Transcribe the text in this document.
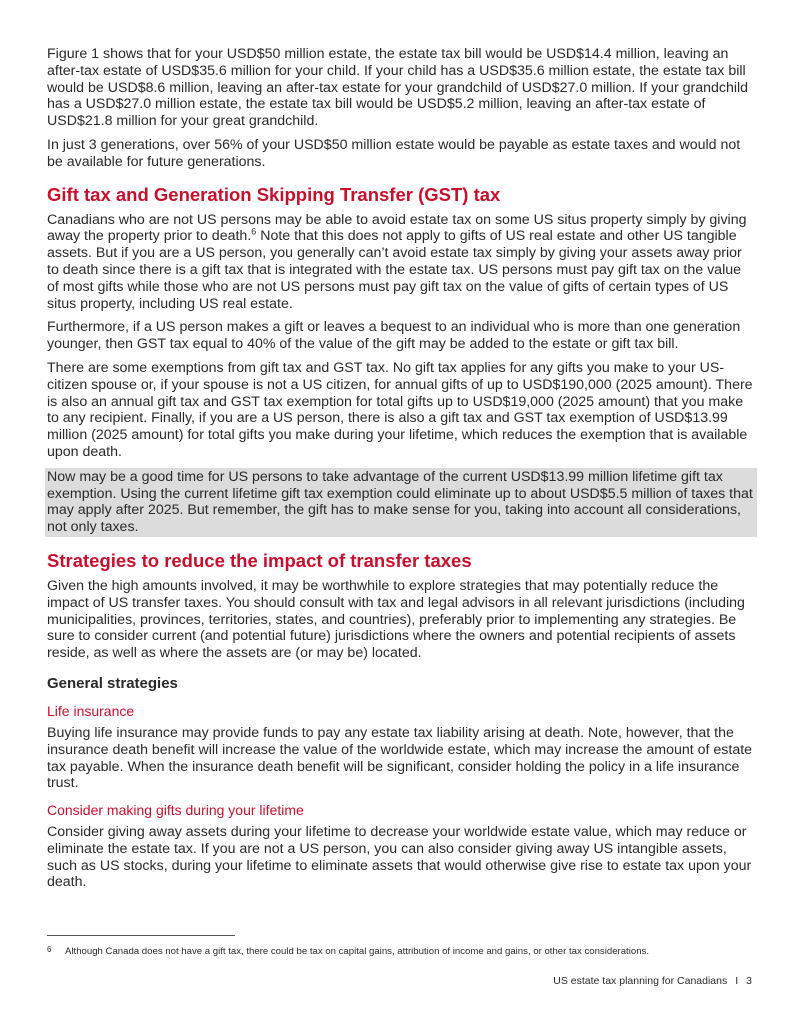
Figure 1 shows that for your USD$50 million estate, the estate tax bill would be USD$14.4 million, leaving an after-tax estate of USD$35.6 million for your child. If your child has a USD$35.6 million estate, the estate tax bill would be USD$8.6 million, leaving an after-tax estate for your grandchild of USD$27.0 million. If your grandchild has a USD$27.0 million estate, the estate tax bill would be USD$5.2 million, leaving an after-tax estate of USD$21.8 million for your great grandchild.

In just 3 generations, over 56% of your USD$50 million estate would be payable as estate taxes and would not be available for future generations.

Gift tax and Generation Skipping Transfer (GST) tax

Canadians who are not US persons may be able to avoid estate tax on some US situs property simply by giving away the property prior to death.$^6$ Note that this does not apply to gifts of US real estate and other US tangible assets. But if you are a US person, you generally can’t avoid estate tax simply by giving your assets away prior to death since there is a gift tax that is integrated with the estate tax. US persons must pay gift tax on the value of most gifts while those who are not US persons must pay gift tax on the value of gifts of certain types of US situs property, including US real estate.

Furthermore, if a US person makes a gift or leaves a bequest to an individual who is more than one generation younger, then GST tax equal to 40% of the value of the gift may be added to the estate or gift tax bill.

There are some exemptions from gift tax and GST tax. No gift tax applies for any gifts you make to your US-citizen spouse or, if your spouse is not a US citizen, for annual gifts of up to USD$190,000 (2025 amount). There is also an annual gift tax and GST tax exemption for total gifts up to USD$19,000 (2025 amount) that you make to any recipient. Finally, if you are a US person, there is also a gift tax and GST tax exemption of USD$13.99 million (2025 amount) for total gifts you make during your lifetime, which reduces the exemption that is available upon death.

Now may be a good time for US persons to take advantage of the current USD$13.99 million lifetime gift tax exemption. Using the current lifetime gift tax exemption could eliminate up to about USD$5.5 million of taxes that may apply after 2025. But remember, the gift has to make sense for you, taking into account all considerations, not only taxes.

Strategies to reduce the impact of transfer taxes

Given the high amounts involved, it may be worthwhile to explore strategies that may potentially reduce the impact of US transfer taxes. You should consult with tax and legal advisors in all relevant jurisdictions (including municipalities, provinces, territories, states, and countries), preferably prior to implementing any strategies. Be sure to consider current (and potential future) jurisdictions where the owners and potential recipients of assets reside, as well as where the assets are (or may be) located.

General strategies
Life insurance

Buying life insurance may provide funds to pay any estate tax liability arising at death. Note, however, that the insurance death benefit will increase the value of the worldwide estate, which may increase the amount of estate tax payable. When the insurance death benefit will be significant, consider holding the policy in a life insurance trust.

Consider making gifts during your lifetime

Consider giving away assets during your lifetime to decrease your worldwide estate value, which may reduce or eliminate the estate tax. If you are not a US person, you can also consider giving away US intangible assets, such as US stocks, during your lifetime to eliminate assets that would otherwise give rise to estate tax upon your death.

6 Although Canada does not have a gift tax, there could be tax on capital gains, attribution of income and gains, or other tax considerations.
US estate tax planning for Canadians I 3
